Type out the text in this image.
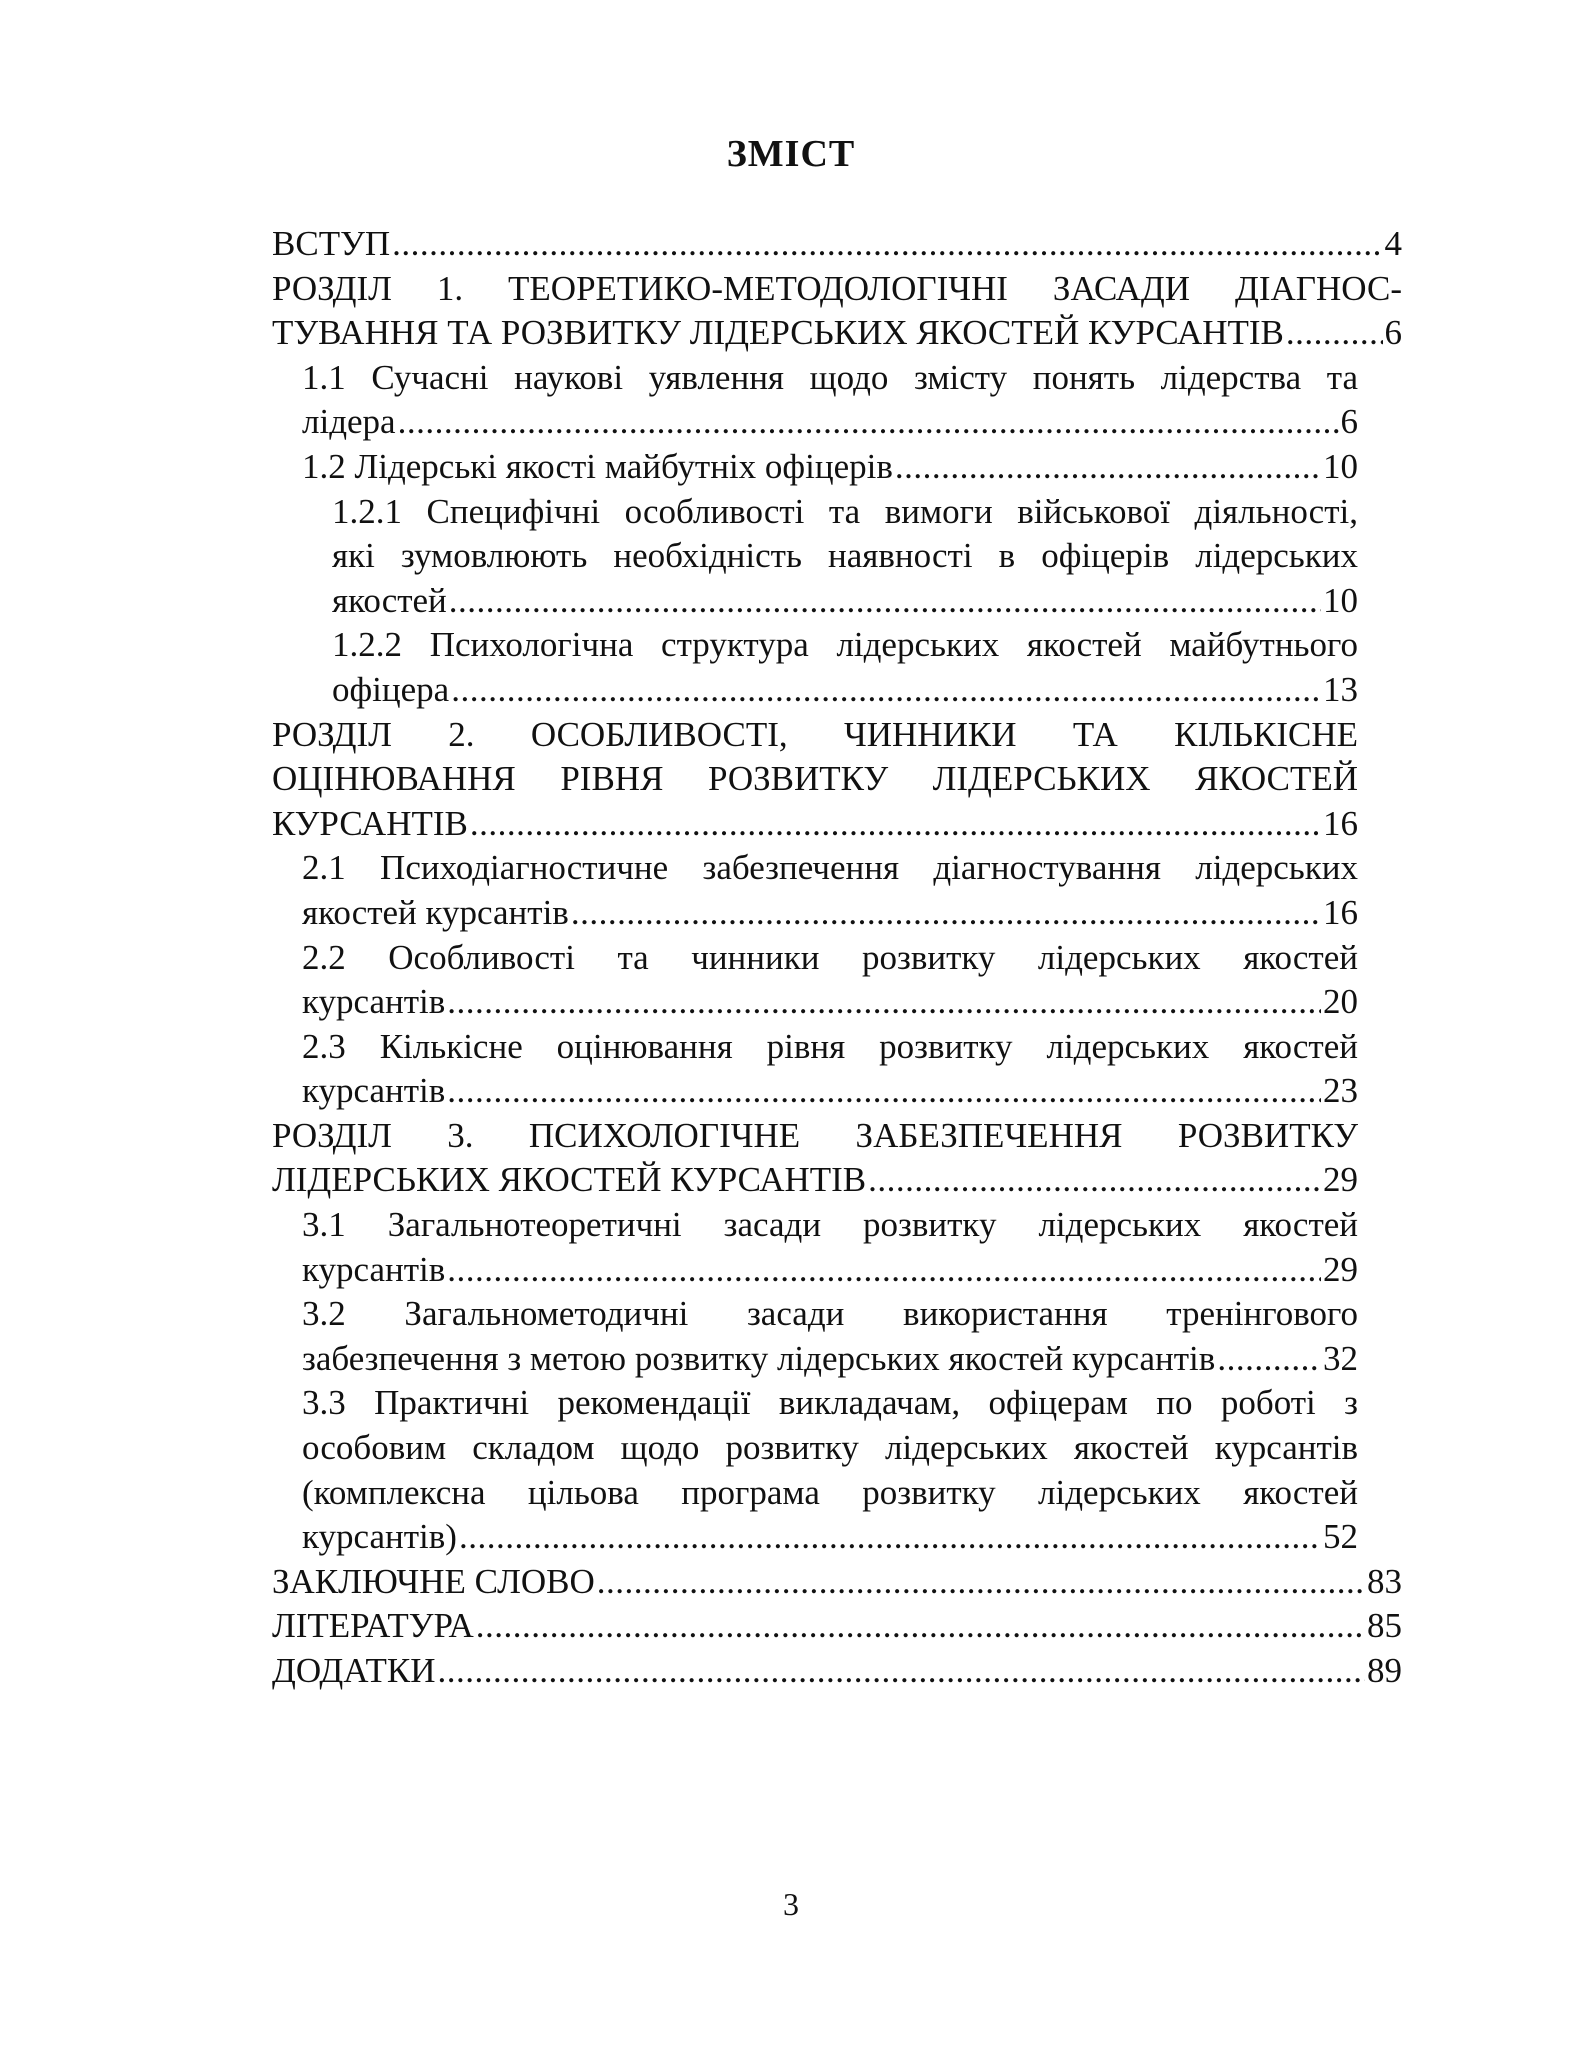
ЗМІСТ
ВСТУП .....	4
РОЗДІЛ 1. ТЕОРЕТИКО-МЕТОДОЛОГІЧНІ ЗАСАДИ ДІАГНОС-
ТУВАННЯ ТА РОЗВИТКУ ЛІДЕРСЬКИХ ЯКОСТЕЙ КУРСАНТІВ .....	6
1.1 Сучасні наукові уявлення щодо змісту понять лідерства та
лідера .....	6
1.2 Лідерські якості майбутніх офіцерів .....	10
1.2.1 Специфічні особливості та вимоги військової діяльності,
які зумовлюють необхідність наявності в офіцерів лідерських
якостей .....	10
1.2.2 Психологічна структура лідерських якостей майбутнього
офіцера .....	13
РОЗДІЛ 2. ОСОБЛИВОСТІ, ЧИННИКИ ТА КІЛЬКІСНЕ
ОЦІНЮВАННЯ РІВНЯ РОЗВИТКУ ЛІДЕРСЬКИХ ЯКОСТЕЙ
КУРСАНТІВ .....	16
2.1 Психодіагностичне забезпечення діагностування лідерських
якостей курсантів .....	16
2.2 Особливості та чинники розвитку лідерських якостей
курсантів .....	20
2.3 Кількісне оцінювання рівня розвитку лідерських якостей
курсантів .....	23
РОЗДІЛ 3. ПСИХОЛОГІЧНЕ ЗАБЕЗПЕЧЕННЯ РОЗВИТКУ
ЛІДЕРСЬКИХ ЯКОСТЕЙ КУРСАНТІВ .....	29
3.1 Загальнотеоретичні засади розвитку лідерських якостей
курсантів .....	29
3.2 Загальнометодичні засади використання тренінгового
забезпечення з метою розвитку лідерських якостей курсантів .....	32
3.3 Практичні рекомендації викладачам, офіцерам по роботі з
особовим складом щодо розвитку лідерських якостей курсантів
(комплексна цільова програма розвитку лідерських якостей
курсантів) .....	52
ЗАКЛЮЧНЕ СЛОВО .....	83
ЛІТЕРАТУРА .....	85
ДОДАТКИ .....	89
3
